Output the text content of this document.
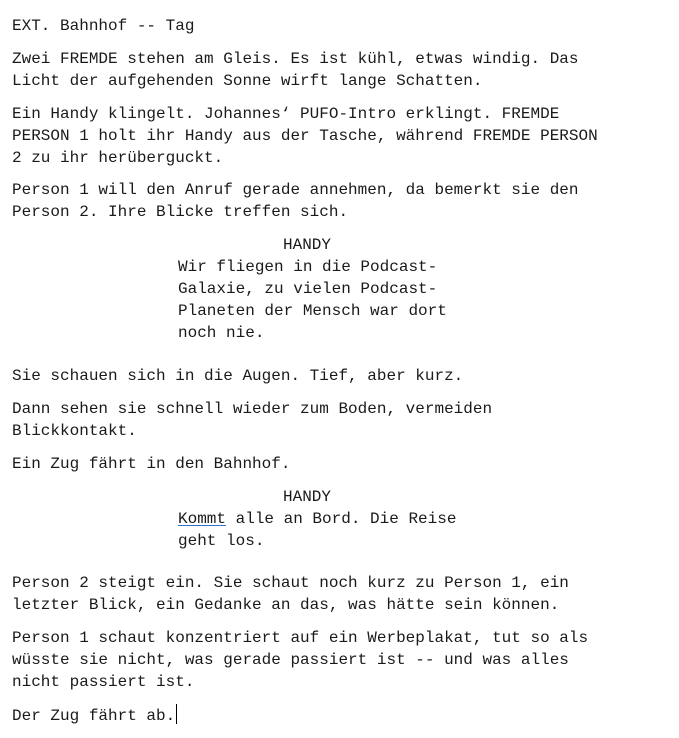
EXT. Bahnhof -- Tag
Zwei FREMDE stehen am Gleis. Es ist kühl, etwas windig. Das
Licht der aufgehenden Sonne wirft lange Schatten.
Ein Handy klingelt. Johannes‘ PUFO-Intro erklingt. FREMDE
PERSON 1 holt ihr Handy aus der Tasche, während FREMDE PERSON
2 zu ihr herüberguckt.
Person 1 will den Anruf gerade annehmen, da bemerkt sie den
Person 2. Ihre Blicke treffen sich.
HANDY
Wir fliegen in die Podcast-
Galaxie, zu vielen Podcast-
Planeten der Mensch war dort
noch nie.
Sie schauen sich in die Augen. Tief, aber kurz.
Dann sehen sie schnell wieder zum Boden, vermeiden
Blickkontakt.
Ein Zug fährt in den Bahnhof.
HANDY
Kommt alle an Bord. Die Reise
geht los.
Person 2 steigt ein. Sie schaut noch kurz zu Person 1, ein
letzter Blick, ein Gedanke an das, was hätte sein können.
Person 1 schaut konzentriert auf ein Werbeplakat, tut so als
wüsste sie nicht, was gerade passiert ist -- und was alles
nicht passiert ist.
Der Zug fährt ab.
